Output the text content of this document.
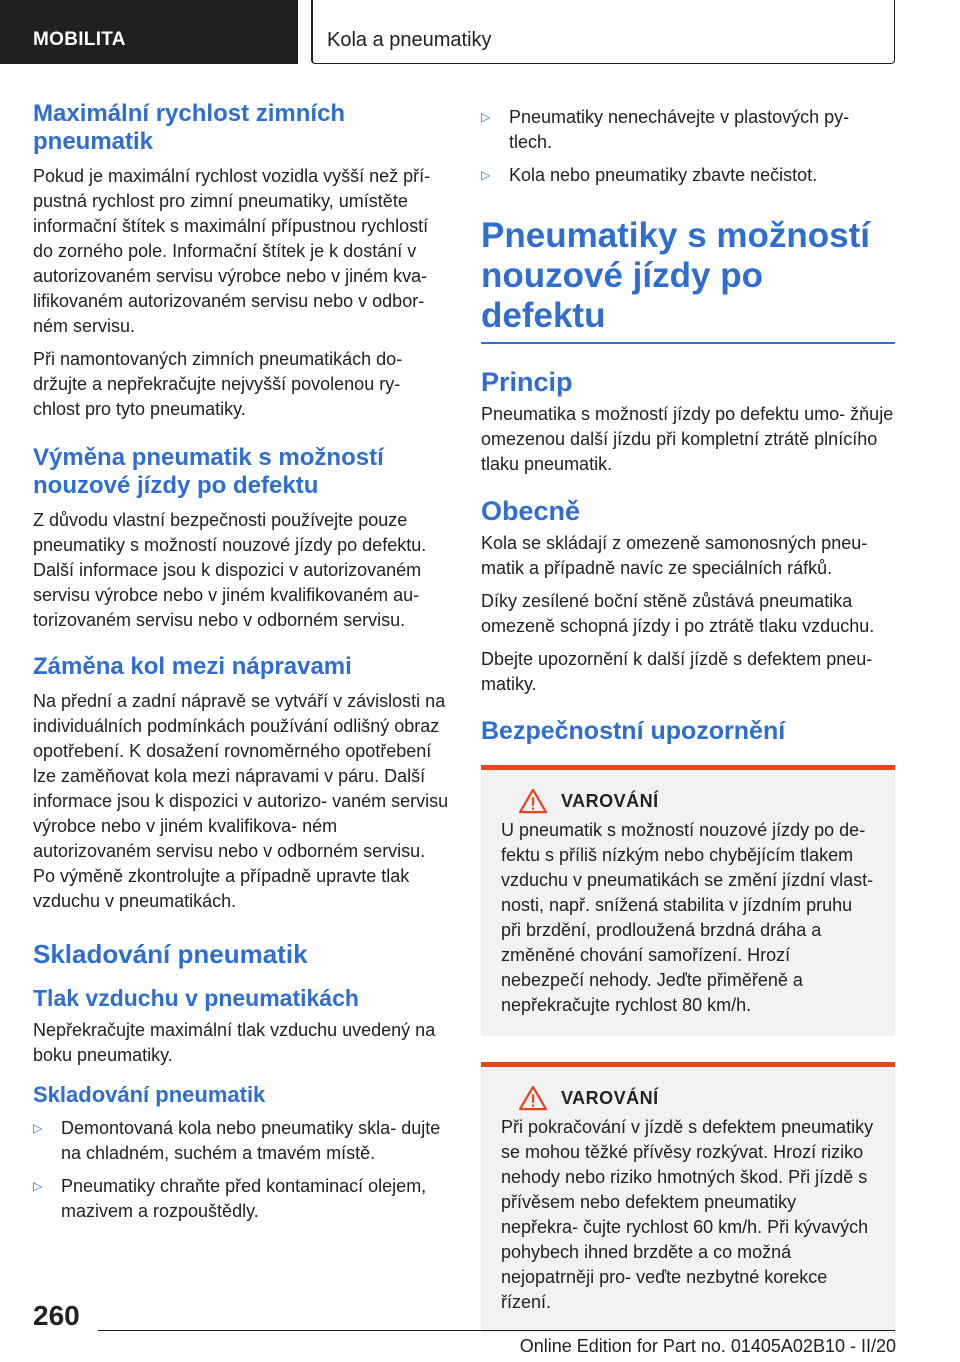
MOBILITA	Kola a pneumatiky
Maximální rychlost zimních pneumatik

Pokud je maximální rychlost vozidla vyšší než pří- pustná rychlost pro zimní pneumatiky, umístěte informační štítek s maximální přípustnou rychlostí do zorného pole. Informační štítek je k dostání v autorizovaném servisu výrobce nebo v jiném kva- lifikovaném autorizovaném servisu nebo v odbor- ném servisu.

Při namontovaných zimních pneumatikách do- držujte a nepřekračujte nejvyšší povolenou ry- chlost pro tyto pneumatiky.

Výměna pneumatik s možností nouzové jízdy po defektu

Z důvodu vlastní bezpečnosti používejte pouze pneumatiky s možností nouzové jízdy po defektu. Další informace jsou k dispozici v autorizovaném servisu výrobce nebo v jiném kvalifikovaném au- torizovaném servisu nebo v odborném servisu.

Záměna kol mezi nápravami

Na přední a zadní nápravě se vytváří v závislosti na individuálních podmínkách používání odlišný obraz opotřebení. K dosažení rovnoměrného opotřebení lze zaměňovat kola mezi nápravami v páru. Další informace jsou k dispozici v autorizo- vaném servisu výrobce nebo v jiném kvalifikova- ném autorizovaném servisu nebo v odborném servisu. Po výměně zkontrolujte a případně upravte tlak vzduchu v pneumatikách.

Skladování pneumatik
Tlak vzduchu v pneumatikách

Nepřekračujte maximální tlak vzduchu uvedený na boku pneumatiky.

Skladování pneumatik
▷	Demontovaná kola nebo pneumatiky skla- dujte na chladném, suchém a tmavém místě.
▷	Pneumatiky chraňte před kontaminací olejem, mazivem a rozpouštědly.
▷	Pneumatiky nenechávejte v plastových py- tlech.
▷	Kola nebo pneumatiky zbavte nečistot.
Pneumatiky s možností nouzové jízdy po defektu
Princip

Pneumatika s možností jízdy po defektu umo- žňuje omezenou další jízdu při kompletní ztrátě plnícího tlaku pneumatik.

Obecně

Kola se skládají z omezeně samonosných pneu- matik a případně navíc ze speciálních ráfků.

Díky zesílené boční stěně zůstává pneumatika omezeně schopná jízdy i po ztrátě tlaku vzduchu.

Dbejte upozornění k další jízdě s defektem pneu- matiky.

Bezpečnostní upozornění
VAROVÁNÍ

U pneumatik s možností nouzové jízdy po de- fektu s příliš nízkým nebo chybějícím tlakem vzduchu v pneumatikách se změní jízdní vlast- nosti, např. snížená stabilita v jízdním pruhu při brzdění, prodloužená brzdná dráha a změněné chování samořízení. Hrozí nebezpečí nehody. Jeďte přiměřeně a nepřekračujte rychlost 80 km/h.

VAROVÁNÍ

Při pokračování v jízdě s defektem pneumatiky se mohou těžké přívěsy rozkývat. Hrozí riziko nehody nebo riziko hmotných škod. Při jízdě s přívěsem nebo defektem pneumatiky nepřekra- čujte rychlost 60 km/h. Při kývavých pohybech ihned brzděte a co možná nejopatrněji pro- veďte nezbytné korekce řízení.

260
Online Edition for Part no. 01405A02B10 - II/20
